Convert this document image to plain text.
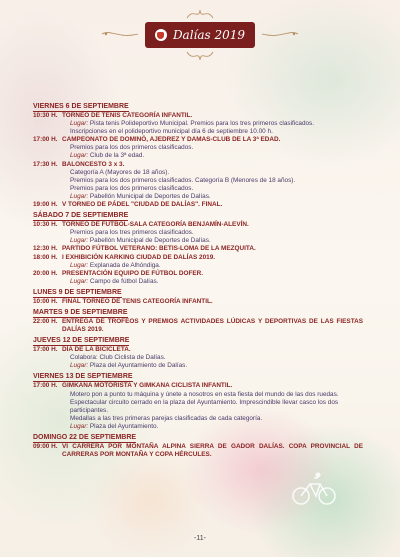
Dalías 2019
VIERNES 6 DE SEPTIEMBRE
10:30 H. TORNEO DE TENIS CATEGORÍA INFANTIL.
Lugar: Pista tenis Polideportivo Municipal. Premios para los tres primeros clasificados.
Inscripciones en el polideportivo municipal día 6 de septiembre 10.00 h.
17:00 H. CAMPEONATO DE DOMINÓ, AJEDREZ Y DAMAS-CLUB DE LA 3ª EDAD.
Premios para los dos primeros clasificados.
Lugar: Club de la 3ª edad.
17:30 H. BALONCESTO 3 x 3.
Categoría A (Mayores de 18 años).
Premios para los dos primeros clasificados. Categoría B (Menores de 18 años).
Premios para los dos primeros clasificados.
Lugar: Pabellón Municipal de Deportes de Dalías.
19:00 H. V TORNEO DE PÁDEL "CIUDAD DE DALÍAS". FINAL.
SÁBADO 7 DE SEPTIEMBRE
10:30 H. TORNEO DE FÚTBOL-SALA CATEGORÍA BENJAMÍN-ALEVÍN.
Premios para los tres primeros clasificados.
Lugar: Pabellón Municipal de Deportes de Dalías.
12:30 H. PARTIDO FÚTBOL VETERANO: BETIS-LOMA DE LA MEZQUITA.
18:00 H. I EXHIBICIÓN KARKING CIUDAD DE DALÍAS 2019.
Lugar: Explanada de Alhóndiga.
20:00 H. PRESENTACIÓN EQUIPO DE FÚTBOL DOFER.
Lugar: Campo de fútbol Dalías.
LUNES 9 DE SEPTIEMBRE
10:00 H. FINAL TORNEO DE TENIS CATEGORÍA INFANTIL.
MARTES 9 DE SEPTIEMBRE
22:00 H. ENTREGA DE TROFEOS Y PREMIOS ACTIVIDADES LÚDICAS Y DEPORTIVAS DE LAS FIESTAS DALÍAS 2019.
JUEVES 12 DE SEPTIEMBRE
17:00 H. DÍA DE LA BICICLETA.
Colabora: Club Ciclista de Dalías.
Lugar: Plaza del Ayuntamiento de Dalías.
VIERNES 13 DE SEPTIEMBRE
17:00 H. GIMKANA MOTORISTA Y GIMKANA CICLISTA INFANTIL.
Motero pon a punto tu máquina y únete a nosotros en esta fiesta del mundo de las dos ruedas. Espectacular circuito cerrado en la plaza del Ayuntamiento. Imprescindible llevar casco los dos participantes.
Medallas a las tres primeras parejas clasificadas de cada categoría.
Lugar: Plaza del Ayuntamiento.
DOMINGO 22 DE SEPTIEMBRE
09:00 H. VI CARRERA POR MONTAÑA ALPINA SIERRA DE GADOR DALÍAS. COPA PROVINCIAL DE CARRERAS POR MONTAÑA Y COPA HÉRCULES.
-11-
